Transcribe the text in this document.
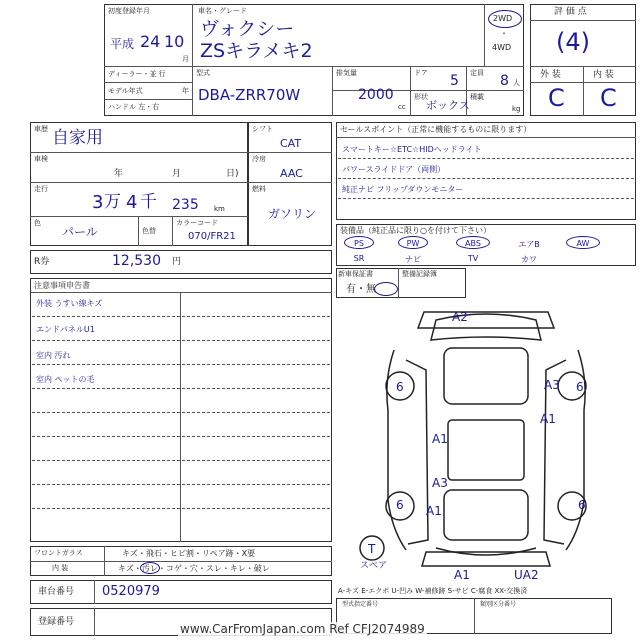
初度登録年月
平成 24 10
月
車名・グレード
ヴォクシー
ZSキラメキ2
2WD
・
4WD
評 価 点
(4)
外 装	内 装
C C
ディーラー・並 行
モデル年式	年
ハンドル 左・右
型式
DBA-ZRR70W
排気量
2000
cc
ドア 5 定員 8 人
形状
ボックス
積載
kg
車歴 自家用
車検
年	月	日)
走行
3 万 4 千 235 km
色
パール	色替
カラーコード
070/FR21
シフト
CAT
冷房
AAC
燃料
ガソリン
セールスポイント（正常に機能するものに限ります）
スマートキー☆ETC☆HIDヘッドライト
パワースライドドア（両側）
純正ナビ フリップダウンモニター
装備品（純正品に限り○を付けて下さい）
PS	PW	ABS	エアB	AW
SR	ナビ	TV	カワ
R券	12,530 円
新車保証書	整備記録簿
有・無
注意事項申告書
外装 うすい線キズ
エンドパネルU1
室内 汚れ
室内 ペットの毛
A2
6	A3 6
A1
A1
A3
6 A1	6
A1	UA2
T
スペア
A-キズ E-エクボ U-凹み W-補修跡 S-サビ C-腐食 XX-交換済
フロントガラス	キズ・飛石・ヒビ割・リペア跡・X要
内 装	キズ・汚レ・コゲ・穴・スレ・キレ・破レ
車台番号 0520979
登録番号
型式指定番号	類別区分番号
www.CarFromJapan.com Ref CFJ2074989
